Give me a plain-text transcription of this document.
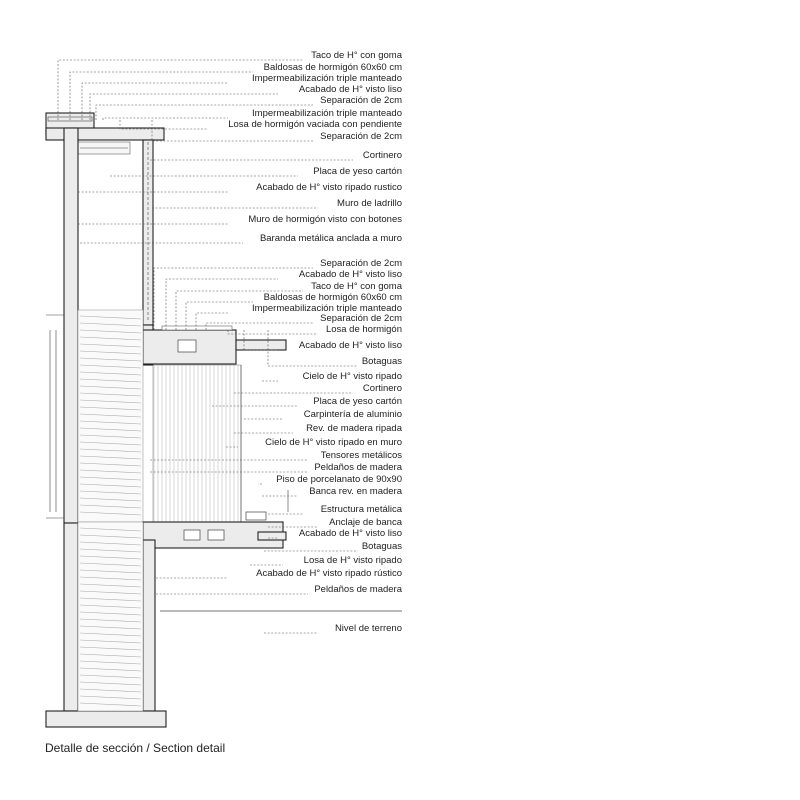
Taco de H° con goma
Baldosas de hormigón 60x60 cm
Impermeabilización triple manteado
Acabado de H° visto liso
Separación de 2cm
Impermeabilización triple manteado
Losa de hormigón vaciada con pendiente
Separación de 2cm
Cortinero
Placa de yeso cartón
Acabado de H° visto ripado rustico
Muro de ladrillo
Muro de hormigón visto con botones
Baranda metálica anclada a muro
Separación de 2cm
Acabado de H° visto liso
Taco de H° con goma
Baldosas de hormigón 60x60 cm
Impermeabilización triple manteado
Separación de 2cm
Losa de hormigón
Acabado de H° visto liso
Botaguas
Cielo de H° visto ripado
Cortinero
Placa de yeso cartón
Carpintería de aluminio
Rev. de madera ripada
Cielo de H° visto ripado en muro
Tensores metálicos
Peldaños de madera
Piso de porcelanato de 90x90
Banca rev. en madera
Estructura metálica
Anclaje de banca
Acabado de H° visto liso
Botaguas
Losa de H° visto ripado
Acabado de H° visto ripado rústico
Peldaños de madera
Nivel de terreno
Detalle de sección / Section detail
